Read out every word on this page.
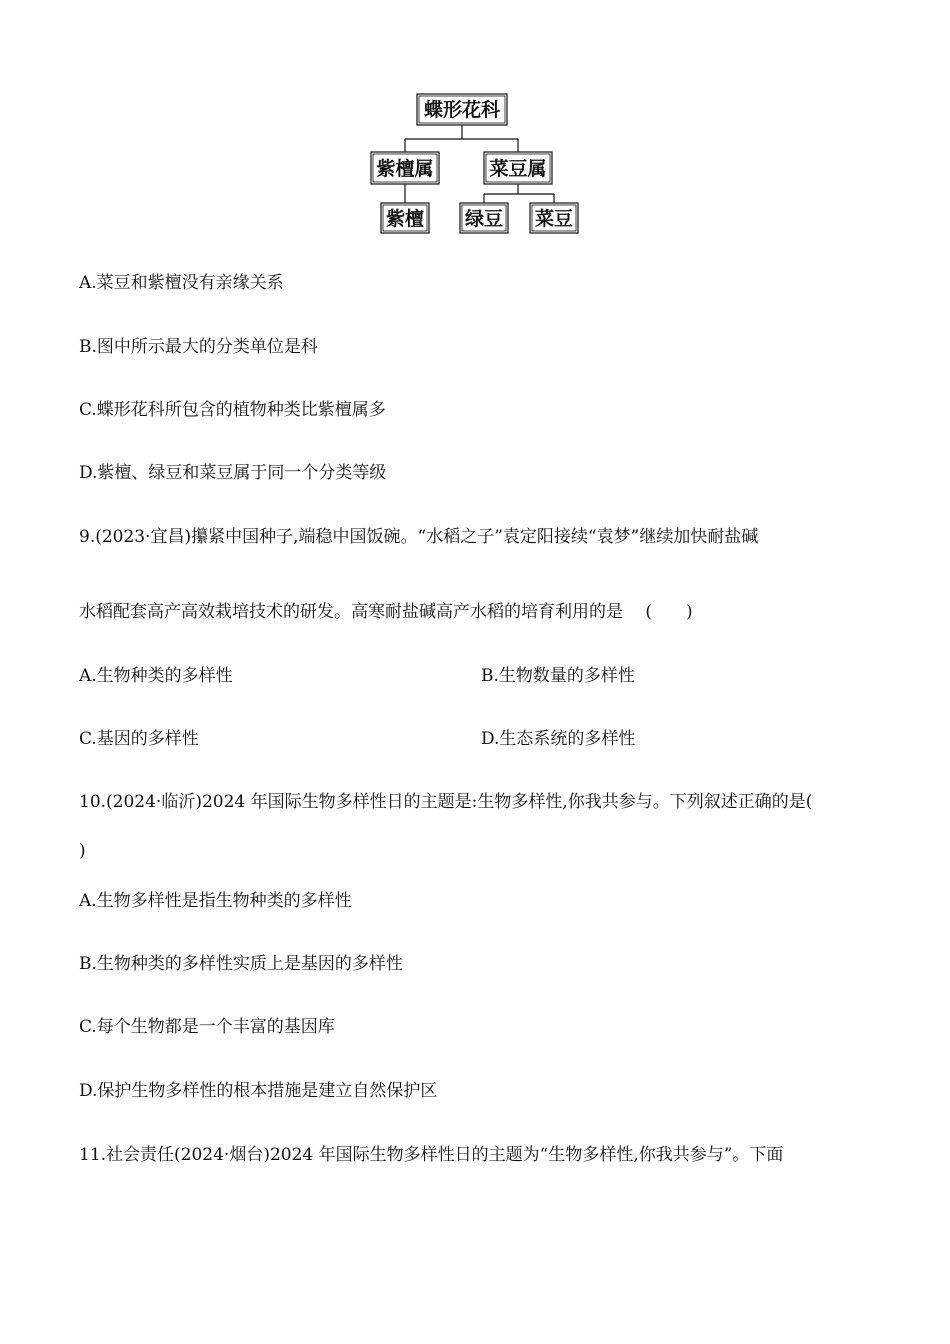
蝶形花科
紫檀属	菜豆属
紫檀 绿豆 菜豆
A.菜豆和紫檀没有亲缘关系
B.图中所示最大的分类单位是科
C.蝶形花科所包含的植物种类比紫檀属多
D.紫檀、绿豆和菜豆属于同一个分类等级
9.(2023·宜昌)攥紧中国种子,端稳中国饭碗。“水稻之子”袁定阳接续“袁梦”继续加快耐盐碱
水稻配套高产高效栽培技术的研发。高寒耐盐碱高产水稻的培育利用的是　 (　　)
A.生物种类的多样性	B.生物数量的多样性
C.基因的多样性	D.生态系统的多样性
10.(2024·临沂)2024 年国际生物多样性日的主题是:生物多样性,你我共参与。下列叙述正确的是(
)
A.生物多样性是指生物种类的多样性
B.生物种类的多样性实质上是基因的多样性
C.每个生物都是一个丰富的基因库
D.保护生物多样性的根本措施是建立自然保护区
11.社会责任(2024·烟台)2024 年国际生物多样性日的主题为“生物多样性,你我共参与”。下面
